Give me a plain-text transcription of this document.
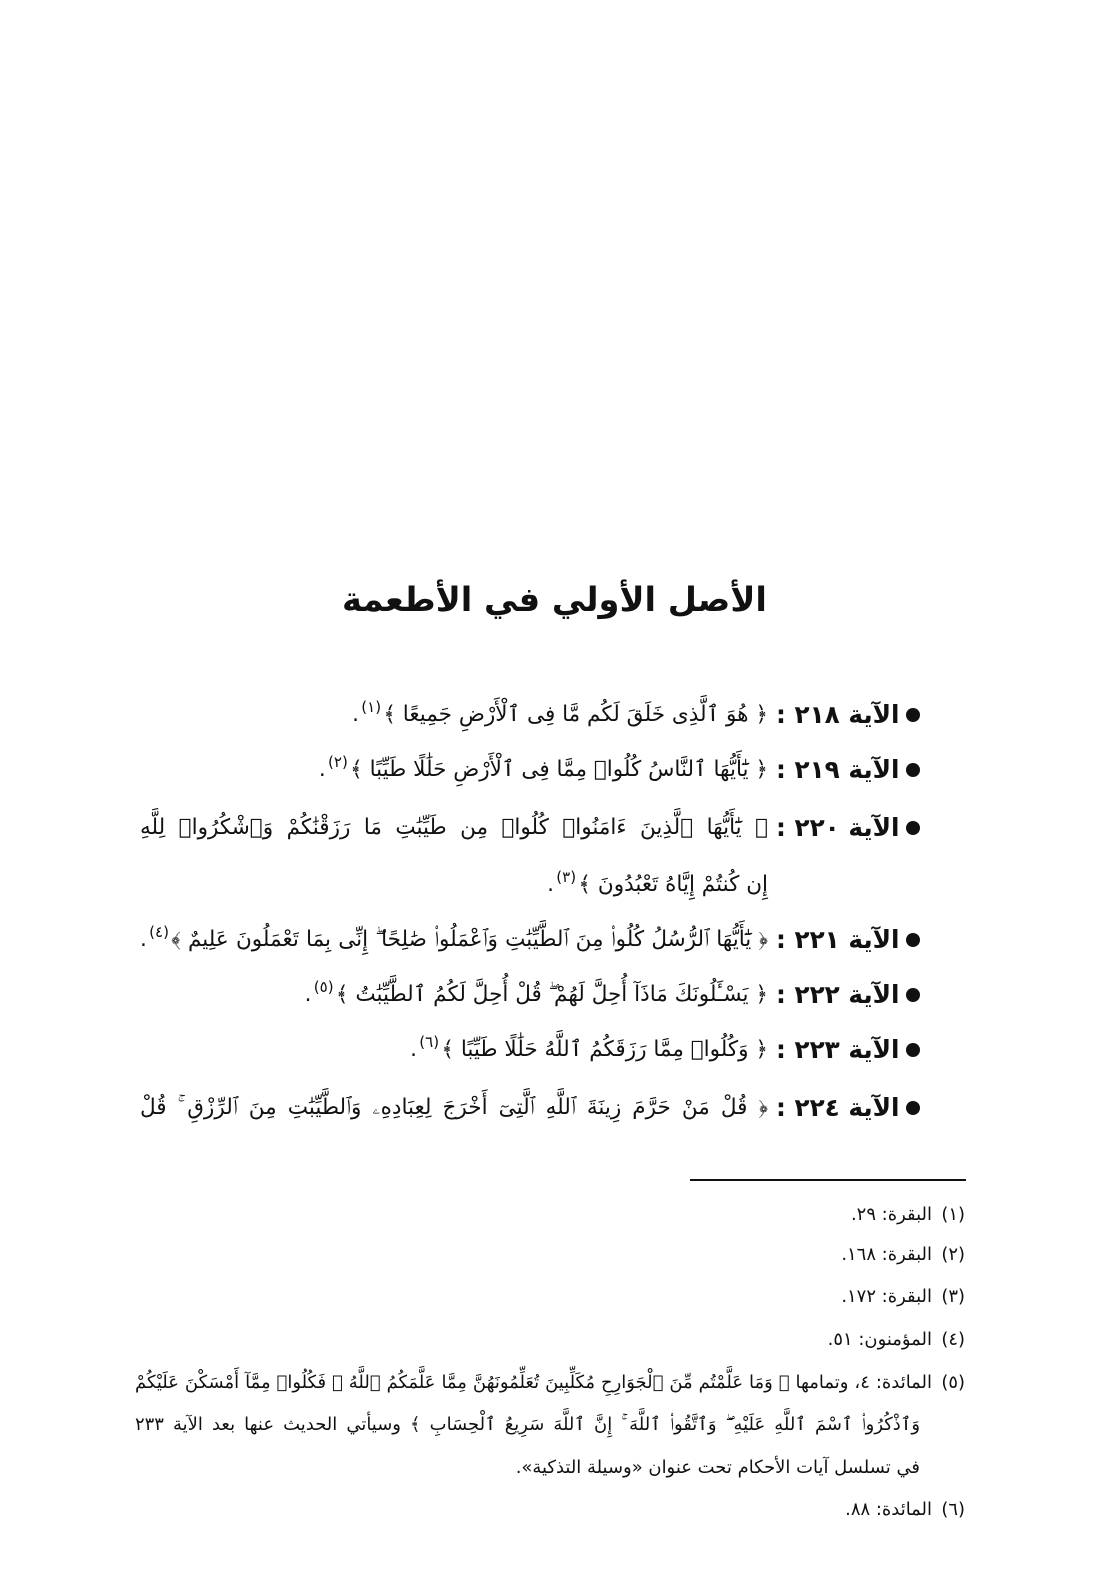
الأصل الأولي في الأطعمة
الآية ٢١٨ :
﴿ هُوَ ٱلَّذِى خَلَقَ لَكُم مَّا فِى ٱلْأَرْضِ جَمِيعًا ﴾$^{(١)}$.
الآية ٢١٩ :
﴿ يَٰٓأَيُّهَا ٱلنَّاسُ كُلُوا۟ مِمَّا فِى ٱلْأَرْضِ حَلَٰلًا طَيِّبًا ﴾$^{(٢)}$.
الآية ٢٢٠ :
﴿ يَٰٓأَيُّهَا ٱلَّذِينَ ءَامَنُوا۟ كُلُوا۟ مِن طَيِّبَٰتِ مَا رَزَقْنَٰكُمْ وَٱشْكُرُوا۟ لِلَّهِ
إِن كُنتُمْ إِيَّاهُ تَعْبُدُونَ ﴾$^{(٣)}$.
الآية ٢٢١ :
﴿ يَٰٓأَيُّهَا ٱلرُّسُلُ كُلُوا۟ مِنَ ٱلطَّيِّبَٰتِ وَٱعْمَلُوا۟ صَٰلِحًا ۖ إِنِّى بِمَا تَعْمَلُونَ عَلِيمٌ ﴾$^{(٤)}$.
الآية ٢٢٢ :
﴿ يَسْـَٔلُونَكَ مَاذَآ أُحِلَّ لَهُمْ ۖ قُلْ أُحِلَّ لَكُمُ ٱلطَّيِّبَٰتُ ﴾$^{(٥)}$.
الآية ٢٢٣ :
﴿ وَكُلُوا۟ مِمَّا رَزَقَكُمُ ٱللَّهُ حَلَٰلًا طَيِّبًا ﴾$^{(٦)}$.
الآية ٢٢٤ :
﴿ قُلْ مَنْ حَرَّمَ زِينَةَ ٱللَّهِ ٱلَّتِىٓ أَخْرَجَ لِعِبَادِهِۦ وَٱلطَّيِّبَٰتِ مِنَ ٱلرِّزْقِ ۚ قُلْ
(١)
البقرة: ٢٩.
(٢)
البقرة: ١٦٨.
(٣)
البقرة: ١٧٢.
(٤)
المؤمنون: ٥١.
(٥)
المائدة: ٤، وتمامها ﴿ وَمَا عَلَّمْتُم مِّنَ ٱلْجَوَارِحِ مُكَلِّبِينَ تُعَلِّمُونَهُنَّ مِمَّا عَلَّمَكُمُ ٱللَّهُ ۖ فَكُلُوا۟ مِمَّآ أَمْسَكْنَ عَلَيْكُمْ
وَٱذْكُرُوا۟ ٱسْمَ ٱللَّهِ عَلَيْهِ ۖ وَٱتَّقُوا۟ ٱللَّهَ ۚ إِنَّ ٱللَّهَ سَرِيعُ ٱلْحِسَابِ ﴾ وسيأتي الحديث عنها بعد الآية ٢٣٣
في تسلسل آيات الأحكام تحت عنوان «وسيلة التذكية».
(٦)
المائدة: ٨٨.
